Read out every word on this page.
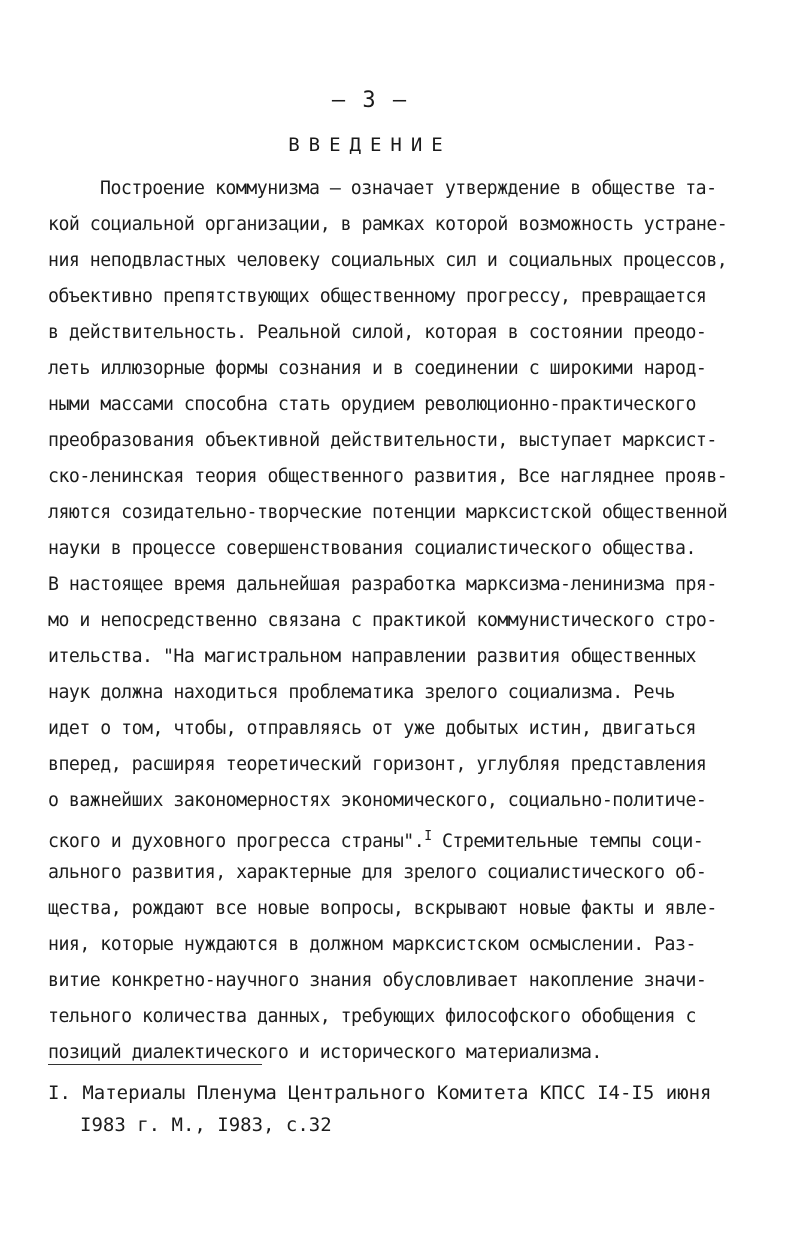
– 3 –
ВВЕДЕНИЕ
Построение коммунизма – означает утверждение в обществе та-
кой социальной организации, в рамках которой возможность устране-
ния неподвластных человеку социальных сил и социальных процессов,
объективно препятствующих общественному прогрессу, превращается
в действительность. Реальной силой, которая в состоянии преодо-
леть иллюзорные формы сознания и в соединении с широкими народ-
ными массами способна стать орудием революционно-практического
преобразования объективной действительности, выступает марксист-
ско-ленинская теория общественного развития, Все нагляднее прояв-
ляются созидательно-творческие потенции марксистской общественной
науки в процессе совершенствования социалистического общества.
В настоящее время дальнейшая разработка марксизма-ленинизма пря-
мо и непосредственно связана с практикой коммунистического стро-
ительства. "На магистральном направлении развития общественных
наук должна находиться проблематика зрелого социализма. Речь
идет о том, чтобы, отправляясь от уже добытых истин, двигаться
вперед, расширяя теоретический горизонт, углубляя представления
о важнейших закономерностях экономического, социально-политиче-
ского и духовного прогресса страны".$^I$ Стремительные темпы соци-
ального развития, характерные для зрелого социалистического об-
щества, рождают все новые вопросы, вскрывают новые факты и явле-
ния, которые нуждаются в должном марксистском осмыслении. Раз-
витие конкретно-научного знания обусловливает накопление значи-
тельного количества данных, требующих философского обобщения с
позиций диалектического и исторического материализма.
I. Материалы Пленума Центрального Комитета КПСС I4-I5 июня
I983 г. М., I983, с.32
